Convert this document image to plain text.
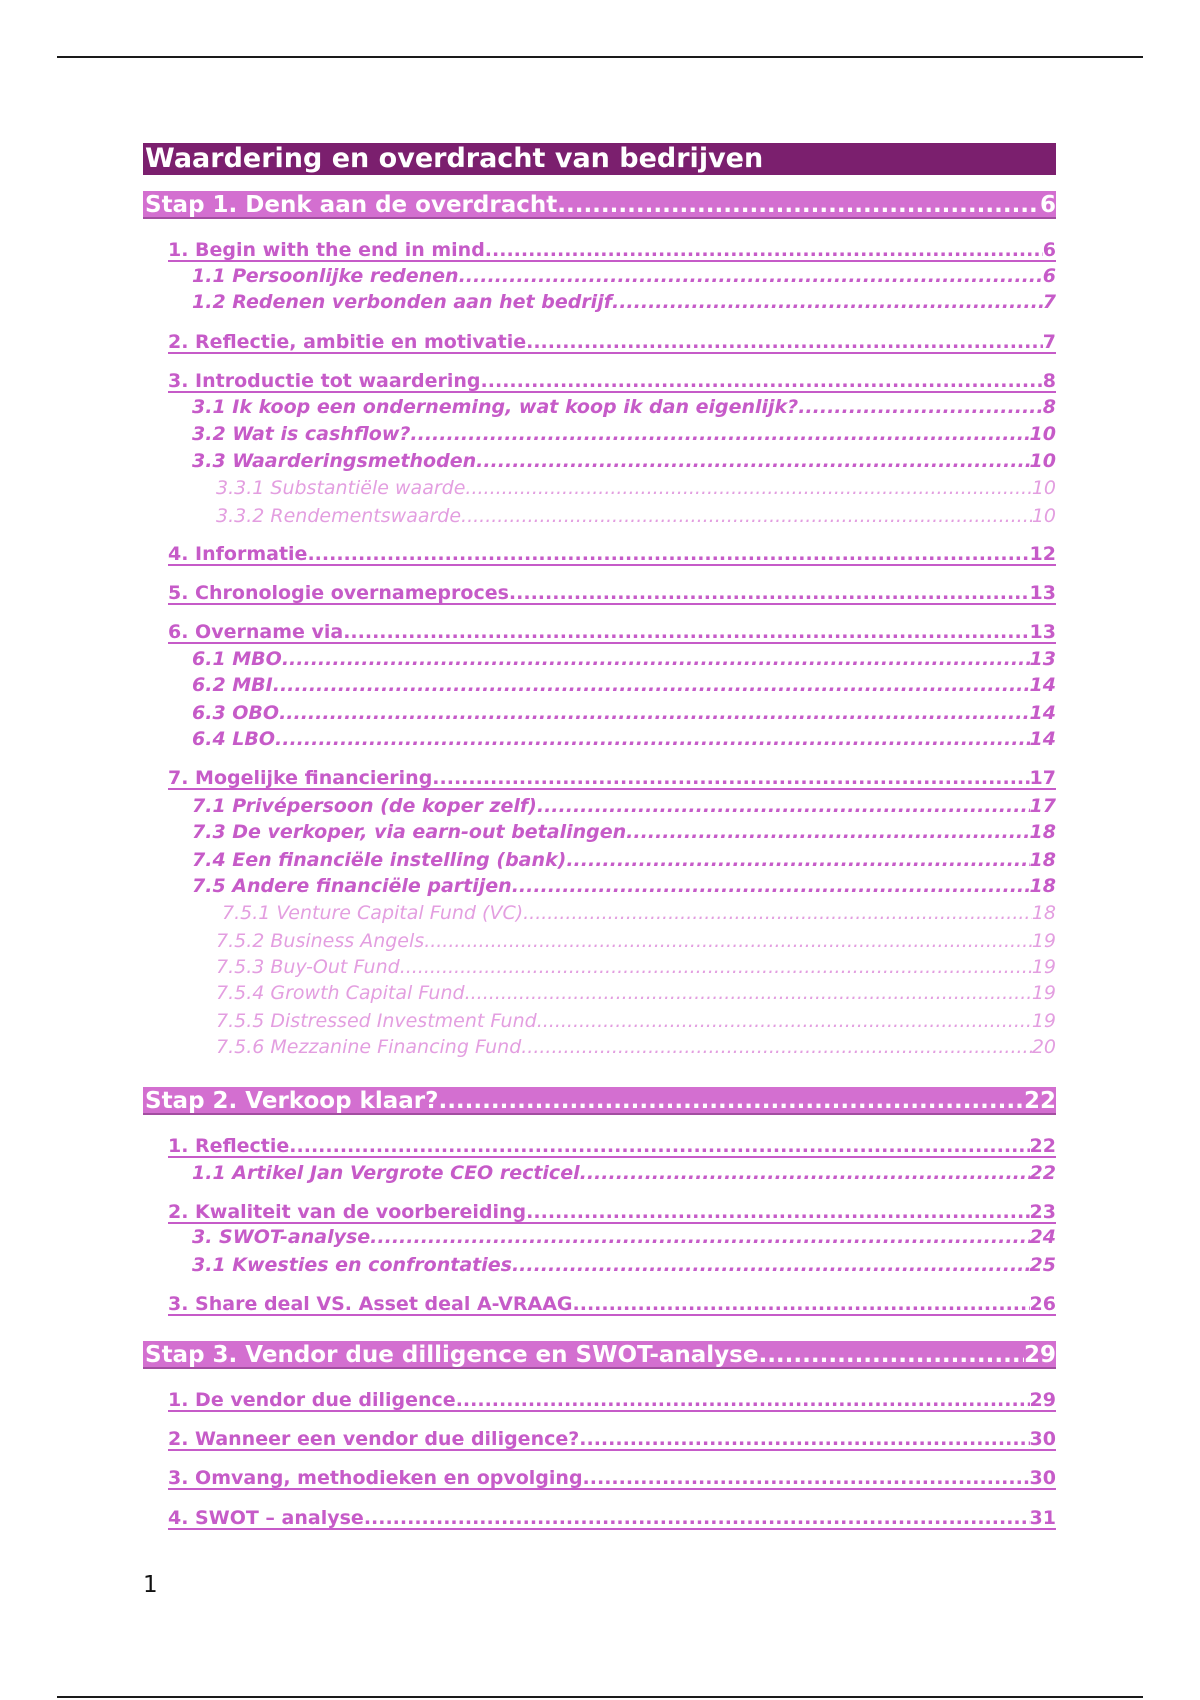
Waardering en overdracht van bedrijven
Stap 1. Denk aan de overdracht .....	6
1. Begin with the end in mind .....	6
1.1 Persoonlijke redenen .....	6
1.2 Redenen verbonden aan het bedrijf .....	7
2. Reflectie, ambitie en motivatie .....	7
3. Introductie tot waardering .....	8
3.1 Ik koop een onderneming, wat koop ik dan eigenlijk? .....	8
3.2 Wat is cashflow? .....	10
3.3 Waarderingsmethoden .....	10
3.3.1 Substantiële waarde .....	10
3.3.2 Rendementswaarde .....	10
4. Informatie .....	12
5. Chronologie overnameproces .....	13
6. Overname via .....	13
6.1 MBO .....	13
6.2 MBI .....	14
6.3 OBO .....	14
6.4 LBO .....	14
7. Mogelijke financiering .....	17
7.1 Privépersoon (de koper zelf) .....	17
7.3 De verkoper, via earn-out betalingen .....	18
7.4 Een financiële instelling (bank) .....	18
7.5 Andere financiële partijen .....	18
7.5.1 Venture Capital Fund (VC) .....	18
7.5.2 Business Angels .....	19
7.5.3 Buy-Out Fund .....	19
7.5.4 Growth Capital Fund .....	19
7.5.5 Distressed Investment Fund .....	19
7.5.6 Mezzanine Financing Fund .....	20
Stap 2. Verkoop klaar? .....	22
1. Reflectie .....	22
1.1 Artikel Jan Vergrote CEO recticel .....	22
2. Kwaliteit van de voorbereiding .....	23
3. SWOT-analyse .....	24
3.1 Kwesties en confrontaties .....	25
3. Share deal VS. Asset deal A-VRAAG .....	26
Stap 3. Vendor due dilligence en SWOT-analyse .....	29
1. De vendor due diligence .....	29
2. Wanneer een vendor due diligence? .....	30
3. Omvang, methodieken en opvolging .....	30
4. SWOT – analyse .....	31
1
